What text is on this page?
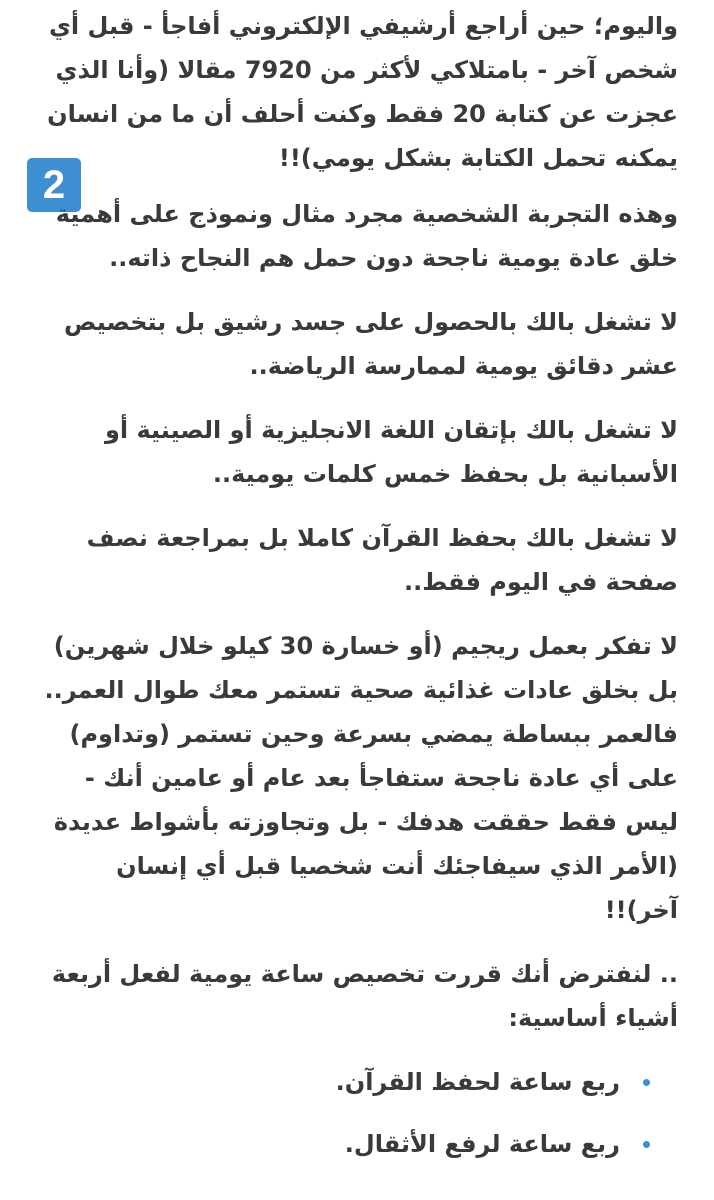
2

واليوم؛ حين أراجع أرشيفي الإلكتروني أفاجأ - قبل أي شخص آخر - بامتلاكي لأكثر من 7920 مقالا (وأنا الذي عجزت عن كتابة 20 فقط وكنت أحلف أن ما من انسان يمكنه تحمل الكتابة بشكل يومي)!!

وهذه التجربة الشخصية مجرد مثال ونموذج على أهمية خلق عادة يومية ناجحة دون حمل هم النجاح ذاته..

لا تشغل بالك بالحصول على جسد رشيق بل بتخصيص عشر دقائق يومية لممارسة الرياضة..

لا تشغل بالك بإتقان اللغة الانجليزية أو الصينية أو الأسبانية بل بحفظ خمس كلمات يومية..

لا تشغل بالك بحفظ القرآن كاملا بل بمراجعة نصف صفحة في اليوم فقط..

لا تفكر بعمل ريجيم (أو خسارة 30 كيلو خلال شهرين) بل بخلق عادات غذائية صحية تستمر معك طوال العمر.. فالعمر ببساطة يمضي بسرعة وحين تستمر (وتداوم) على أي عادة ناجحة ستفاجأ بعد عام أو عامين أنك - ليس فقط حققت هدفك - بل وتجاوزته بأشواط عديدة (الأمر الذي سيفاجئك أنت شخصيا قبل أي إنسان آخر)!!

.. لنفترض أنك قررت تخصيص ساعة يومية لفعل أربعة أشياء أساسية:

ربع ساعة لحفظ القرآن.
ربع ساعة لرفع الأثقال.
